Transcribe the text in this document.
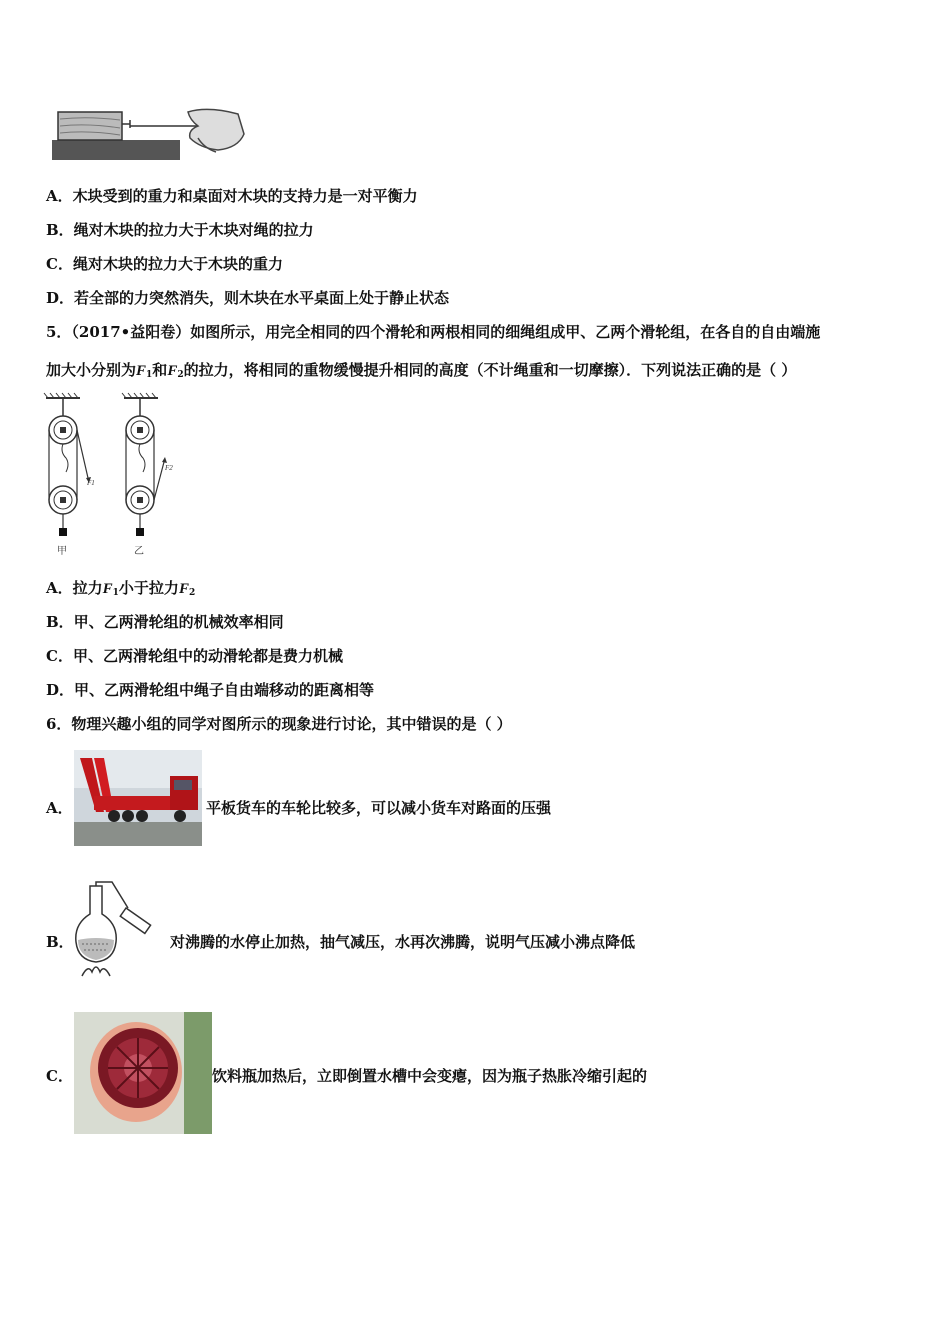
A．木块受到的重力和桌面对木块的支持力是一对平衡力
B．绳对木块的拉力大于木块对绳的拉力
C．绳对木块的拉力大于木块的重力
D．若全部的力突然消失，则木块在水平桌面上处于静止状态
5．（2017•益阳卷）如图所示，用完全相同的四个滑轮和两根相同的细绳组成甲、乙两个滑轮组，在各自的自由端施
加大小分别为$F_1$和$F_2$的拉力，将相同的重物缓慢提升相同的高度（不计绳重和一切摩擦）．下列说法正确的是（ ）
F1
甲
F2
乙
A．拉力$F_1$小于拉力$F_2$
B．甲、乙两滑轮组的机械效率相同
C．甲、乙两滑轮组中的动滑轮都是费力机械
D．甲、乙两滑轮组中绳子自由端移动的距离相等
6．物理兴趣小组的同学对图所示的现象进行讨论，其中错误的是（ ）
A．	平板货车的车轮比较多，可以减小货车对路面的压强
B．	对沸腾的水停止加热，抽气减压，水再次沸腾，说明气压减小沸点降低
C．	饮料瓶加热后，立即倒置水槽中会变瘪，因为瓶子热胀冷缩引起的
